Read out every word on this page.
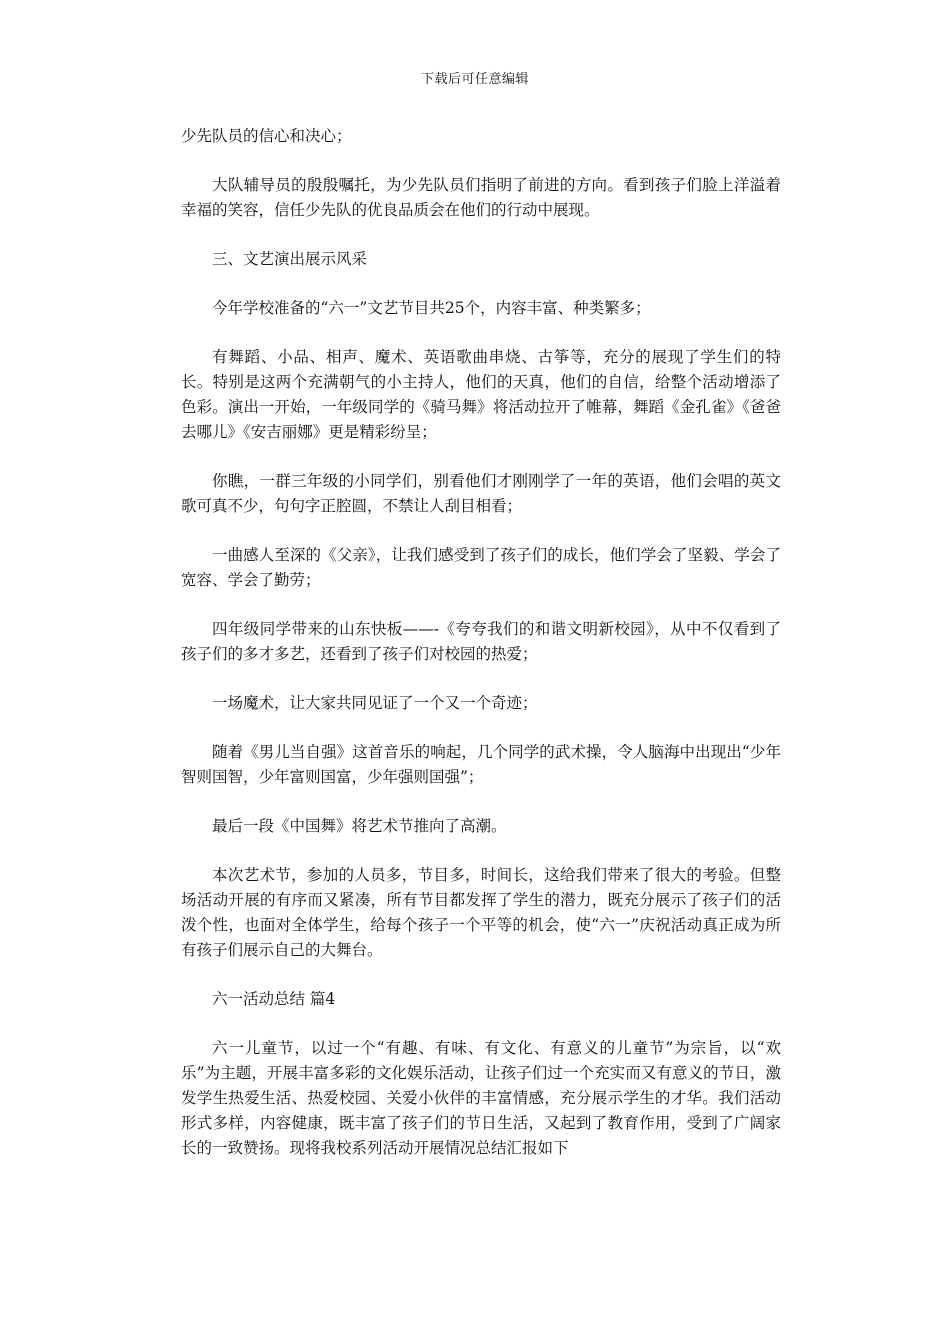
下载后可任意编辑

少先队员的信心和决心；

大队辅导员的殷殷嘱托，为少先队员们指明了前进的方向。看到孩子们脸上洋溢着幸福的笑容，信任少先队的优良品质会在他们的行动中展现。

三、文艺演出展示风采

今年学校准备的“六一”文艺节目共25个，内容丰富、种类繁多；

有舞蹈、小品、相声、魔术、英语歌曲串烧、古筝等，充分的展现了学生们的特长。特别是这两个充满朝气的小主持人，他们的天真，他们的自信，给整个活动增添了色彩。演出一开始，一年级同学的《骑马舞》将活动拉开了帷幕，舞蹈《金孔雀》《爸爸去哪儿》《安吉丽娜》更是精彩纷呈；

你瞧，一群三年级的小同学们，别看他们才刚刚学了一年的英语，他们会唱的英文歌可真不少，句句字正腔圆，不禁让人刮目相看；

一曲感人至深的《父亲》，让我们感受到了孩子们的成长，他们学会了坚毅、学会了宽容、学会了勤劳；

四年级同学带来的山东快板——-《夸夸我们的和谐文明新校园》，从中不仅看到了孩子们的多才多艺，还看到了孩子们对校园的热爱；

一场魔术，让大家共同见证了一个又一个奇迹；

随着《男儿当自强》这首音乐的响起，几个同学的武术操，令人脑海中出现出“少年智则国智，少年富则国富，少年强则国强”；

最后一段《中国舞》将艺术节推向了高潮。

本次艺术节，参加的人员多，节目多，时间长，这给我们带来了很大的考验。但整场活动开展的有序而又紧凑，所有节目都发挥了学生的潜力，既充分展示了孩子们的活泼个性，也面对全体学生，给每个孩子一个平等的机会，使“六一”庆祝活动真正成为所有孩子们展示自己的大舞台。

六一活动总结 篇4

六一儿童节，以过一个“有趣、有味、有文化、有意义的儿童节”为宗旨，以“欢乐”为主题，开展丰富多彩的文化娱乐活动，让孩子们过一个充实而又有意义的节日，激发学生热爱生活、热爱校园、关爱小伙伴的丰富情感，充分展示学生的才华。我们活动形式多样，内容健康，既丰富了孩子们的节日生活，又起到了教育作用，受到了广阔家长的一致赞扬。现将我校系列活动开展情况总结汇报如下
